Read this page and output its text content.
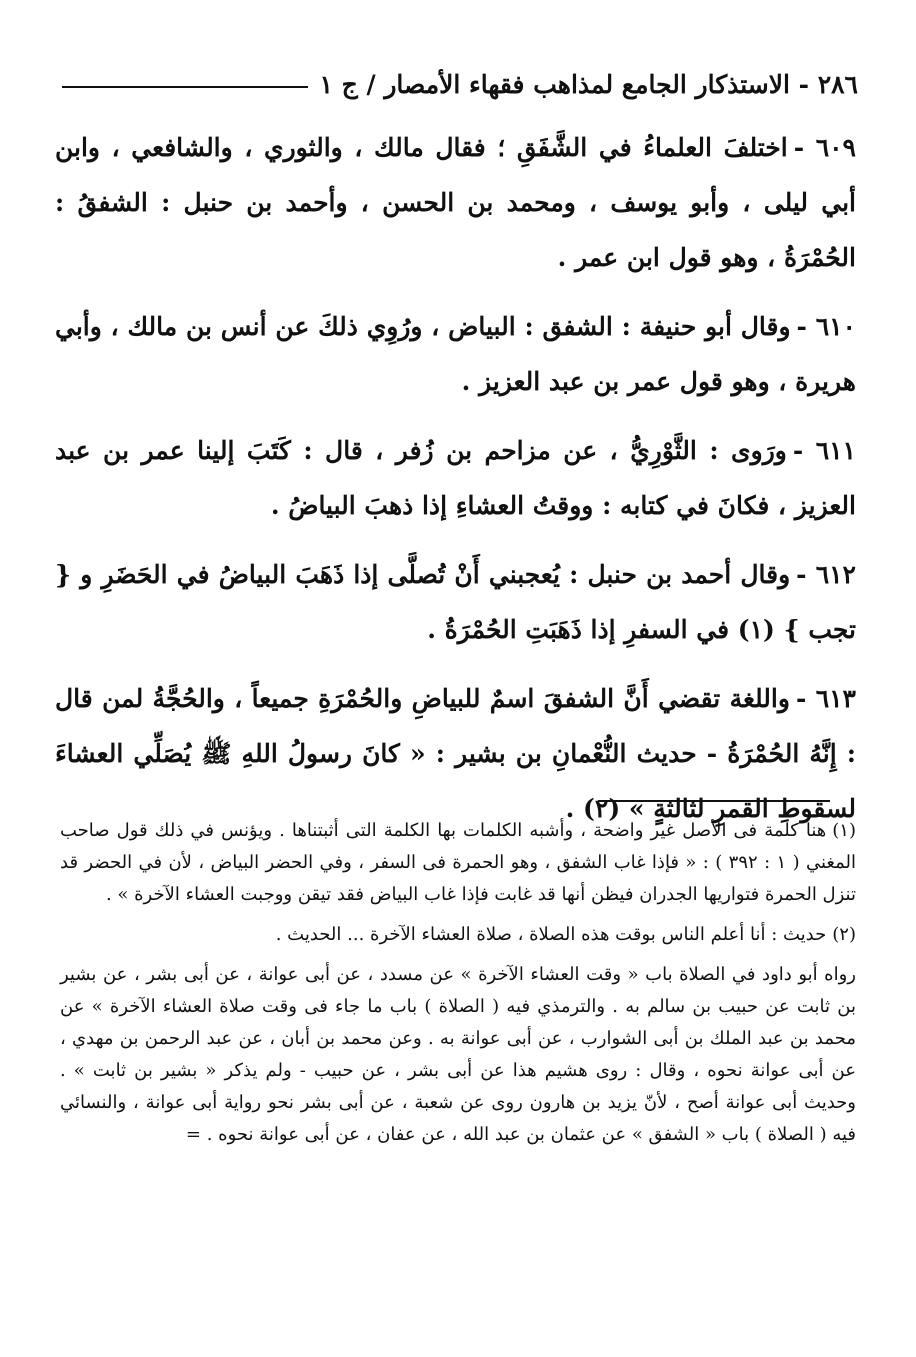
٢٨٦ - الاستذكار الجامع لمذاهب فقهاء الأمصار / ج ١

٦٠٩ -اختلفَ العلماءُ في الشَّفَقِ ؛ فقال مالك ، والثوري ، والشافعي ، وابن أبي ليلى ، وأبو يوسف ، ومحمد بن الحسن ، وأحمد بن حنبل : الشفقُ : الحُمْرَةُ ، وهو قول ابن عمر .

٦١٠ -وقال أبو حنيفة : الشفق : البياض ، ورُوِي ذلكَ عن أنس بن مالك ، وأبي هريرة ، وهو قول عمر بن عبد العزيز .

٦١١ -ورَوى : الثَّوْرِيُّ ، عن مزاحم بن زُفر ، قال : كَتَبَ إلينا عمر بن عبد العزيز ، فكانَ في كتابه : ووقتُ العشاءِ إذا ذهبَ البياضُ .

٦١٢ -وقال أحمد بن حنبل : يُعجبني أَنْ تُصلَّى إذا ذَهَبَ البياضُ في الحَضَرِ و { تجب } (١) في السفرِ إذا ذَهَبَتِ الحُمْرَةُ .

٦١٣ -واللغة تقضي أَنَّ الشفقَ اسمٌ للبياضِ والحُمْرَةِ جميعاً ، والحُجَّةُ لمن قال : إِنَّهُ الحُمْرَةُ - حديث النُّعْمانِ بن بشير : « كانَ رسولُ اللهِ ﷺ يُصَلِّي العشاءَ لسقوطِ القمرِ لثالثةٍ » (٢) .

(١)هنا كلمة فى الأصل غير واضحة ، وأشبه الكلمات بها الكلمة التى أثبتناها . ويؤنس في ذلك قول صاحب المغني ( ١ : ٣٩٢ ) : « فإذا غاب الشفق ، وهو الحمرة فى السفر ، وفي الحضر البياض ، لأن في الحضر قد تنزل الحمرة فتواريها الجدران فيظن أنها قد غابت فإذا غاب البياض فقد تيقن ووجبت العشاء الآخرة » .

(٢)حديث : أنا أعلم الناس بوقت هذه الصلاة ، صلاة العشاء الآخرة ... الحديث .

رواه أبو داود في الصلاة باب « وقت العشاء الآخرة » عن مسدد ، عن أبى عوانة ، عن أبى بشر ، عن بشير بن ثابت عن حبيب بن سالم به . والترمذي فيه ( الصلاة ) باب ما جاء فى وقت صلاة العشاء الآخرة » عن محمد بن عبد الملك بن أبى الشوارب ، عن أبى عوانة به . وعن محمد بن أبان ، عن عبد الرحمن بن مهدي ، عن أبى عوانة نحوه ، وقال : روى هشيم هذا عن أبى بشر ، عن حبيب - ولم يذكر « بشير بن ثابت » . وحديث أبى عوانة أصح ، لأنّ يزيد بن هارون روى عن شعبة ، عن أبى بشر نحو رواية أبى عوانة ، والنسائي فيه ( الصلاة ) باب « الشفق » عن عثمان بن عبد الله ، عن عفان ، عن أبى عوانة نحوه . =
